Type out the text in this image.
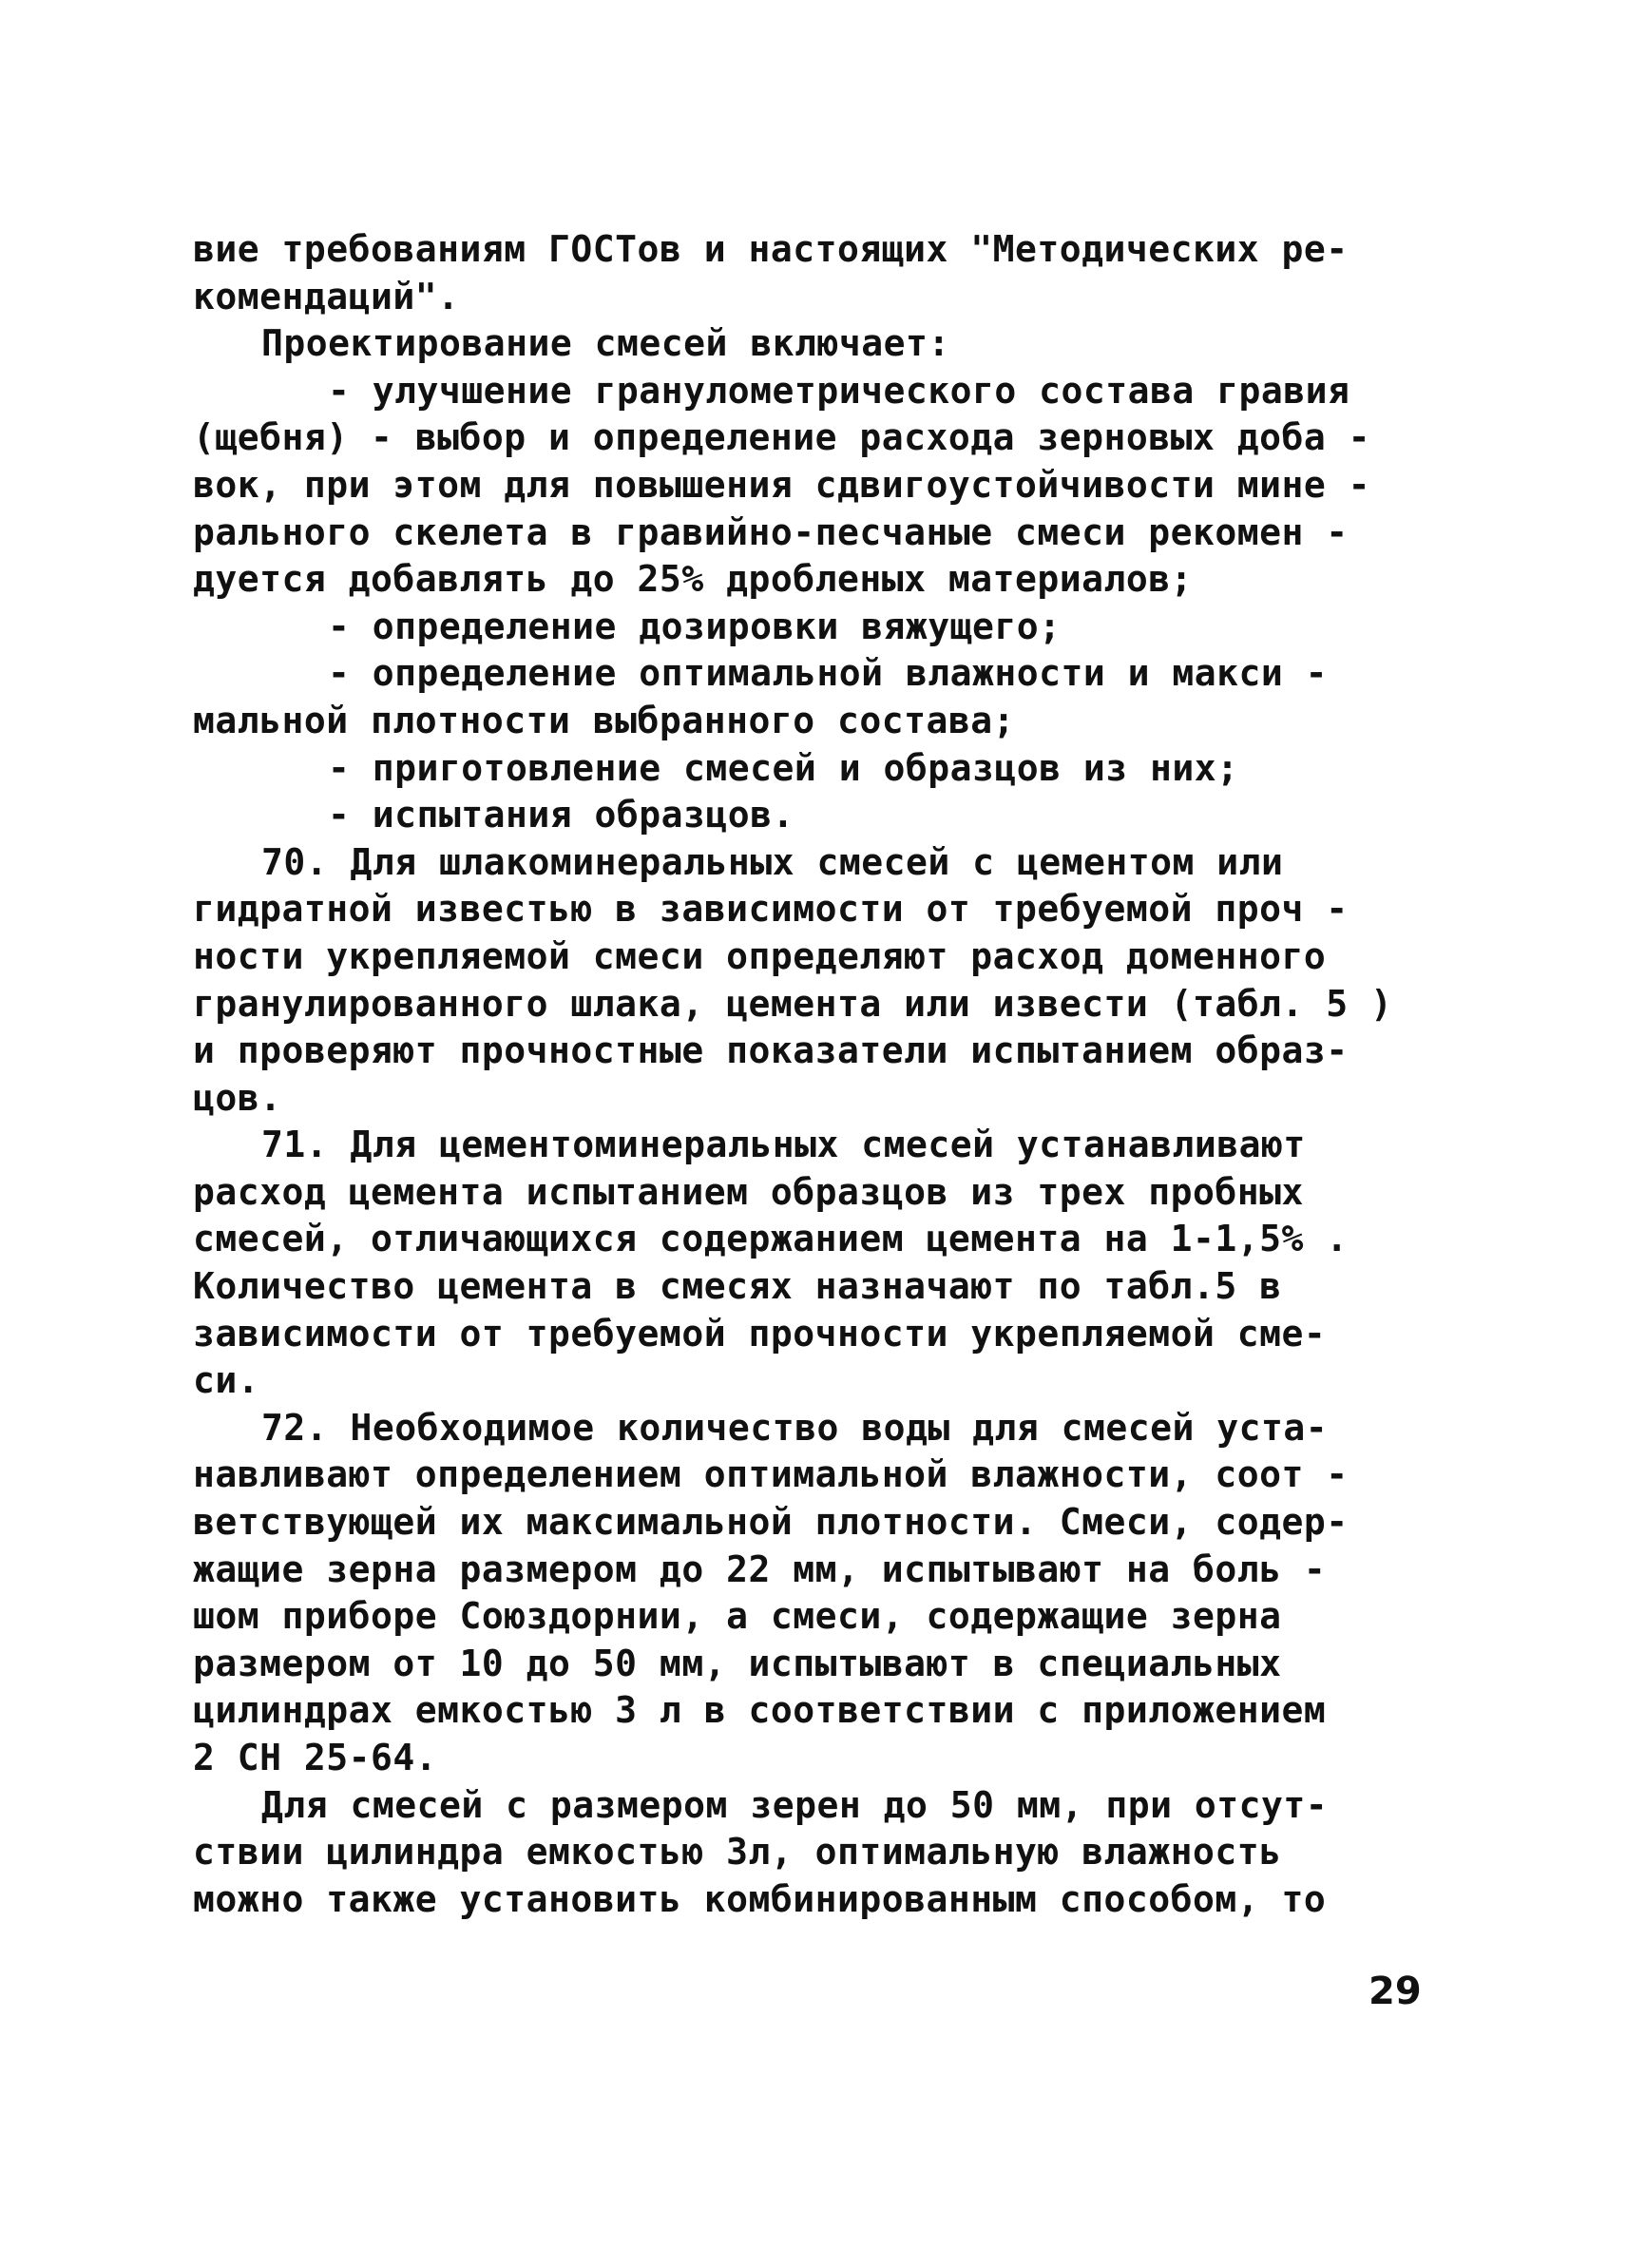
вие требованиям ГОСТов и настоящих "Методических ре-
комендаций".
Проектирование смесей включает:
- улучшение гранулометрического состава гравия
(щебня) - выбор и определение расхода зерновых доба -
вок, при этом для повышения сдвигоустойчивости мине -
рального скелета в гравийно-песчаные смеси рекомен -
дуется добавлять до 25% дробленых материалов;
- определение дозировки вяжущего;
- определение оптимальной влажности и макси -
мальной плотности выбранного состава;
- приготовление смесей и образцов из них;
- испытания образцов.
70. Для шлакоминеральных смесей с цементом или
гидратной известью в зависимости от требуемой проч -
ности укрепляемой смеси определяют расход доменного
гранулированного шлака, цемента или извести (табл. 5 )
и проверяют прочностные показатели испытанием образ-
цов.
71. Для цементоминеральных смесей устанавливают
расход цемента испытанием образцов из трех пробных
смесей, отличающихся содержанием цемента на 1-1,5% .
Количество цемента в смесях назначают по табл.5 в
зависимости от требуемой прочности укрепляемой сме-
си.
72. Необходимое количество воды для смесей уста-
навливают определением оптимальной влажности, соот -
ветствующей их максимальной плотности. Смеси, содер-
жащие зерна размером до 22 мм, испытывают на боль -
шом приборе Союздорнии, а смеси, содержащие зерна
размером от 10 до 50 мм, испытывают в специальных
цилиндрах емкостью 3 л в соответствии с приложением
2 СН 25-64.
Для смесей с размером зерен до 50 мм, при отсут-
ствии цилиндра емкостью 3л, оптимальную влажность
можно также установить комбинированным способом, то
29
